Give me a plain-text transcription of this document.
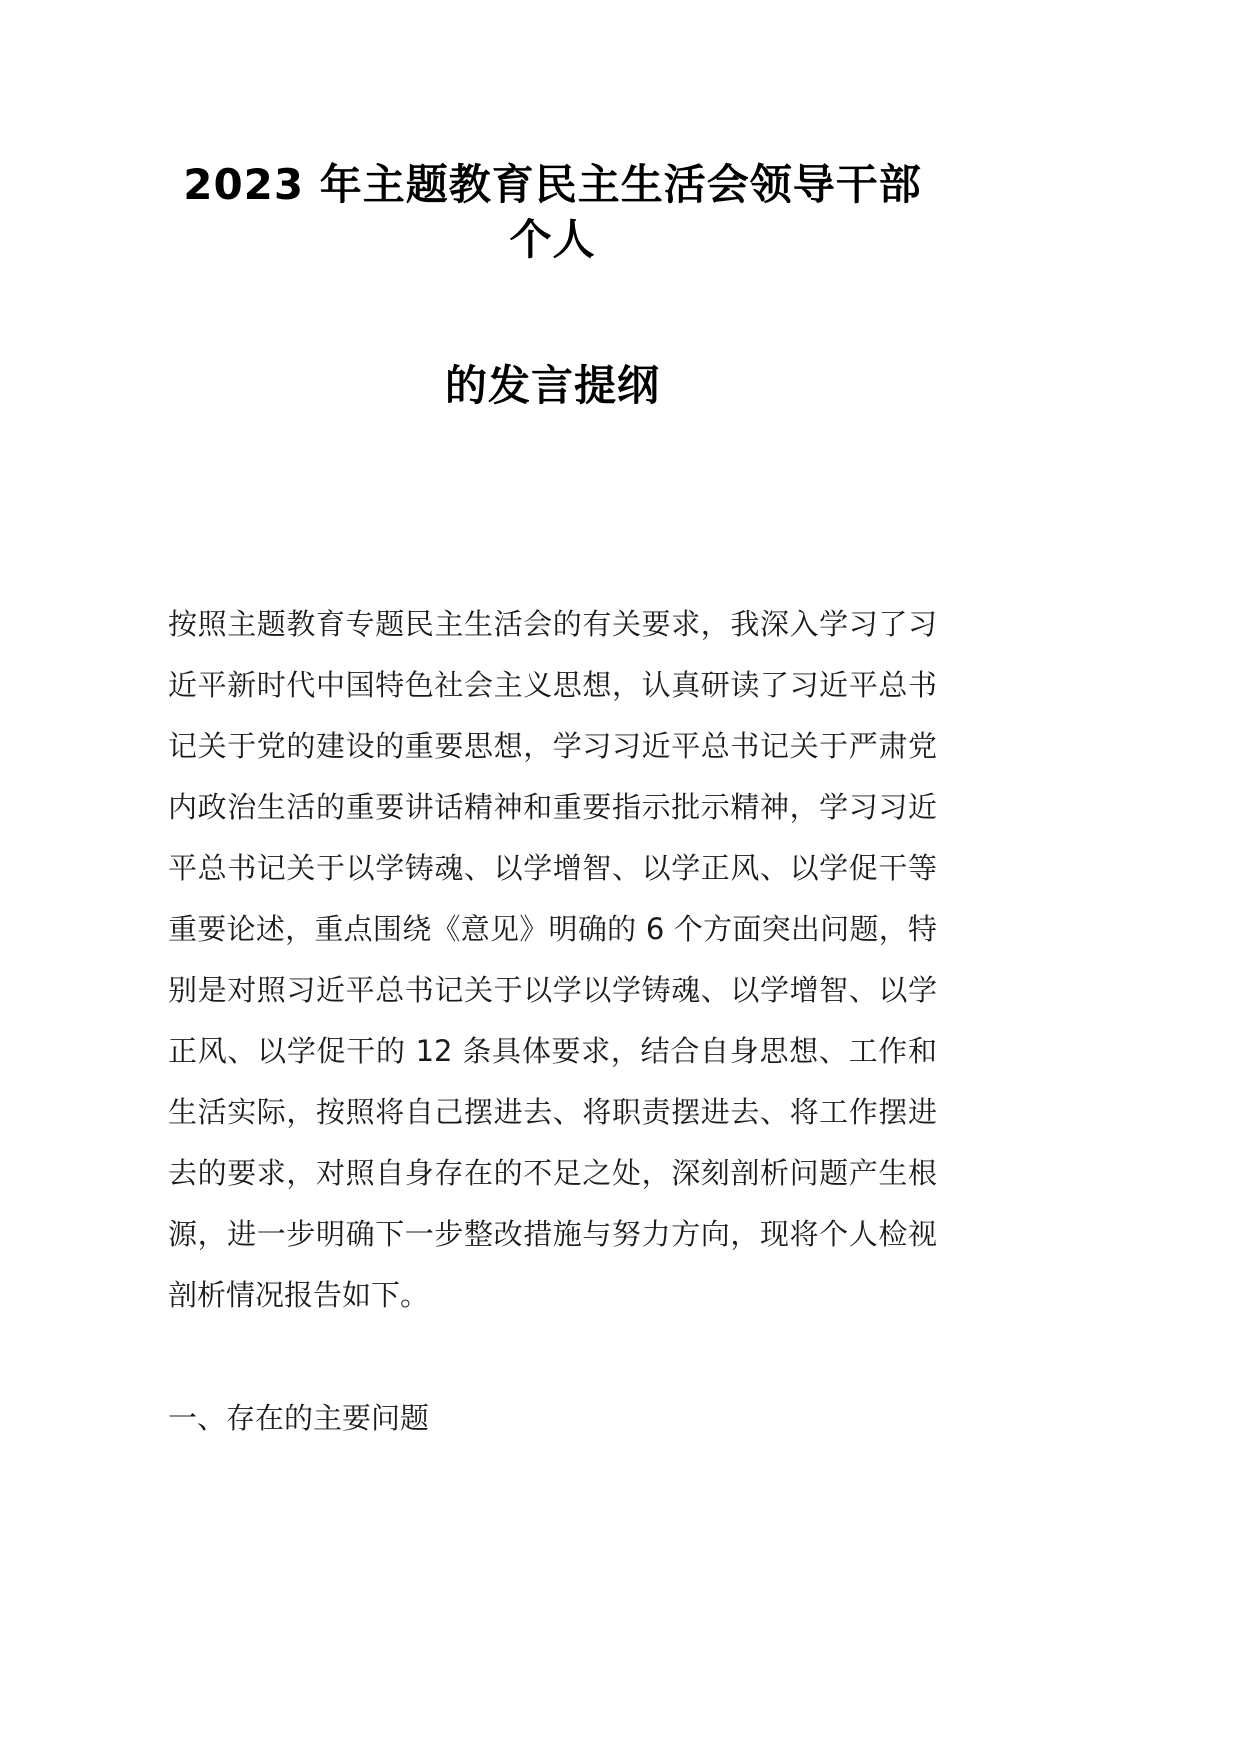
2023 年主题教育民主生活会领导干部个人
的发言提纲

按照主题教育专题民主生活会的有关要求，我深入学习了习近平新时代中国特色社会主义思想，认真研读了习近平总书记关于党的建设的重要思想，学习习近平总书记关于严肃党内政治生活的重要讲话精神和重要指示批示精神，学习习近平总书记关于以学铸魂、以学增智、以学正风、以学促干等重要论述，重点围绕《意见》明确的 6 个方面突出问题，特别是对照习近平总书记关于以学以学铸魂、以学增智、以学正风、以学促干的 12 条具体要求，结合自身思想、工作和生活实际，按照将自己摆进去、将职责摆进去、将工作摆进去的要求，对照自身存在的不足之处，深刻剖析问题产生根源，进一步明确下一步整改措施与努力方向，现将个人检视剖析情况报告如下。

一、存在的主要问题
